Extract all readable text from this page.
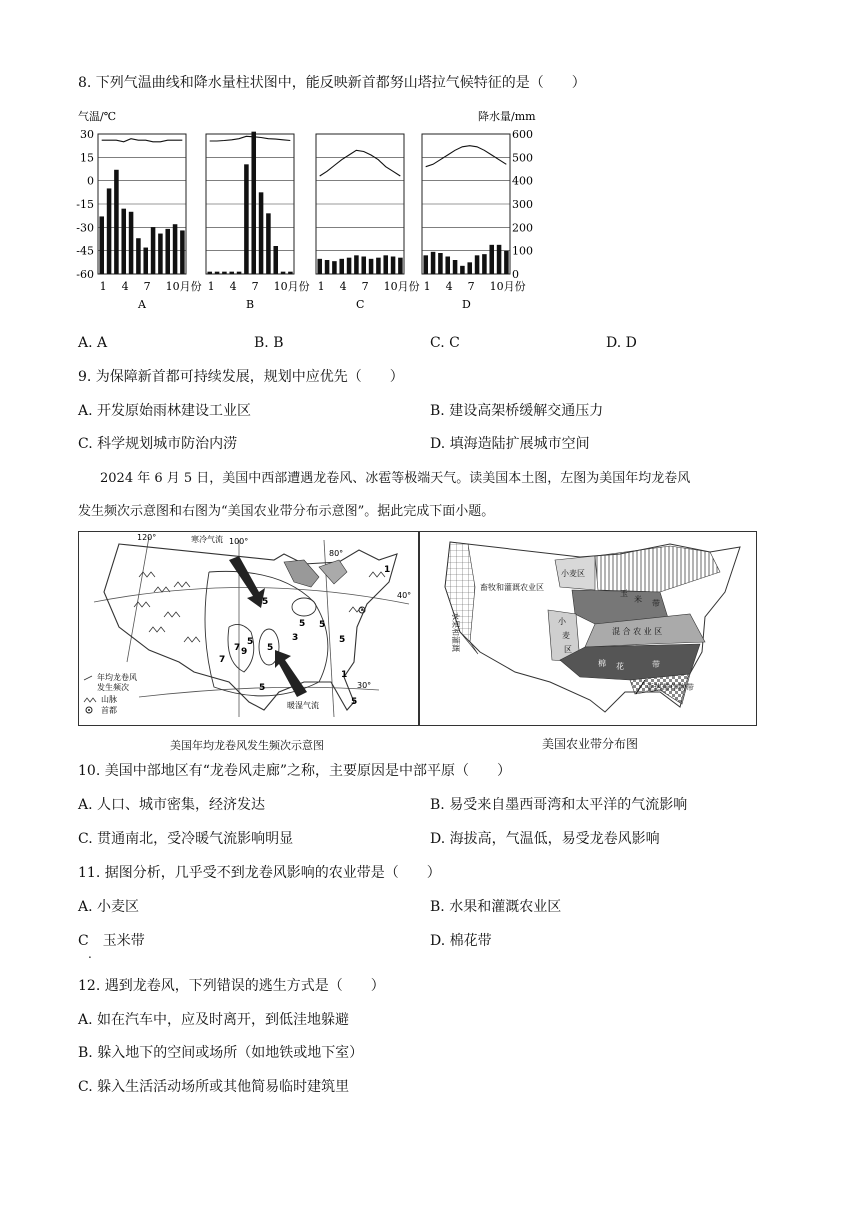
8. 下列气温曲线和降水量柱状图中，能反映新首都努山塔拉气候特征的是（　　）
气温/℃	降水量/mm
30
15
0
-15
-30
-45
-60
600
500
400
300
200
100
0
1 4 7 10月份
A
1 4 7 10月份
B
1 4 7 10月份
C
1 4 7 10月份
D
A. A	B. B	C. C	D. D
9. 为保障新首都可持续发展，规划中应优先（　　）
A. 开发原始雨林建设工业区	B. 建设高架桥缓解交通压力
C. 科学规划城市防治内涝	D. 填海造陆扩展城市空间
2024 年 6 月 5 日，美国中西部遭遇龙卷风、冰雹等极端天气。读美国本土图，左图为美国年均龙卷风
发生频次示意图和右图为“美国农业带分布示意图”。据此完成下面小题。
寒冷气流 100°
120°
80°
40°
30°
暖湿气流
年均龙卷风
发生频次
山脉
首都
5
5 5
3
5
7 9
7
5
5
5
1
1
5
美国年均龙卷风发生频次示意图
小麦区
畜牧和灌溉农业区
玉
米 带
小
麦
区
混 合 农 业 区
亚热带作物带
水果和灌溉
棉 花	带
美国农业带分布图
10. 美国中部地区有“龙卷风走廊”之称，主要原因是中部平原（　　）
A. 人口、城市密集，经济发达	B. 易受来自墨西哥湾和太平洋的气流影响
C. 贯通南北，受冷暖气流影响明显	D. 海拔高，气温低，易受龙卷风影响
11. 据图分析，几乎受不到龙卷风影响的农业带是（　　）
A. 小麦区	B. 水果和灌溉农业区
C　玉米带
.
D. 棉花带
12. 遇到龙卷风，下列错误的逃生方式是（　　）
A. 如在汽车中，应及时离开，到低洼地躲避
B. 躲入地下的空间或场所（如地铁或地下室）
C. 躲入生活活动场所或其他简易临时建筑里
